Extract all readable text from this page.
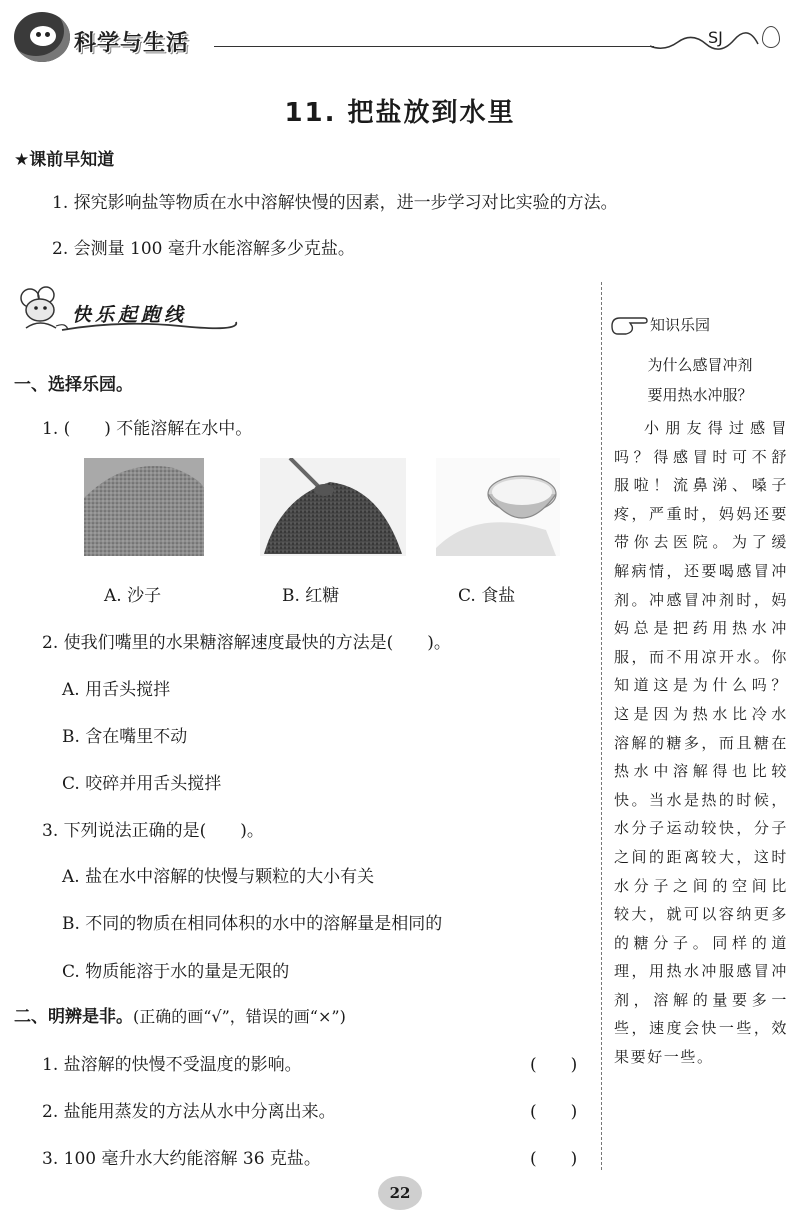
科学与生活	SJ
11. 把盐放到水里
★课前早知道
1. 探究影响盐等物质在水中溶解快慢的因素，进一步学习对比实验的方法。
2. 会测量 100 毫升水能溶解多少克盐。
快乐起跑线
一、选择乐园。
1. (　　) 不能溶解在水中。
A. 沙子	B. 红糖	C. 食盐
2. 使我们嘴里的水果糖溶解速度最快的方法是(　　)。
A. 用舌头搅拌
B. 含在嘴里不动
C. 咬碎并用舌头搅拌
3. 下列说法正确的是(　　)。
A. 盐在水中溶解的快慢与颗粒的大小有关
B. 不同的物质在相同体积的水中的溶解量是相同的
C. 物质能溶于水的量是无限的
二、明辨是非。(正确的画“√”，错误的画“×”)
1. 盐溶解的快慢不受温度的影响。	(　　)
2. 盐能用蒸发的方法从水中分离出来。	(　　)
3. 100 毫升水大约能溶解 36 克盐。	(　　)
知识乐园
为什么感冒冲剂
要用热水冲服？
小朋友得过感冒
吗？得感冒时可不舒
服啦！流鼻涕、嗓子
疼，严重时，妈妈还要
带你去医院。为了缓
解病情，还要喝感冒冲
剂。冲感冒冲剂时，妈
妈总是把药用热水冲
服，而不用凉开水。你
知道这是为什么吗？
这是因为热水比冷水
溶解的糖多，而且糖在
热水中溶解得也比较
快。当水是热的时候，
水分子运动较快，分子
之间的距离较大，这时
水分子之间的空间比
较大，就可以容纳更多
的糖分子。同样的道
理，用热水冲服感冒冲
剂，溶解的量要多一
些，速度会快一些，效
果要好一些。
22
